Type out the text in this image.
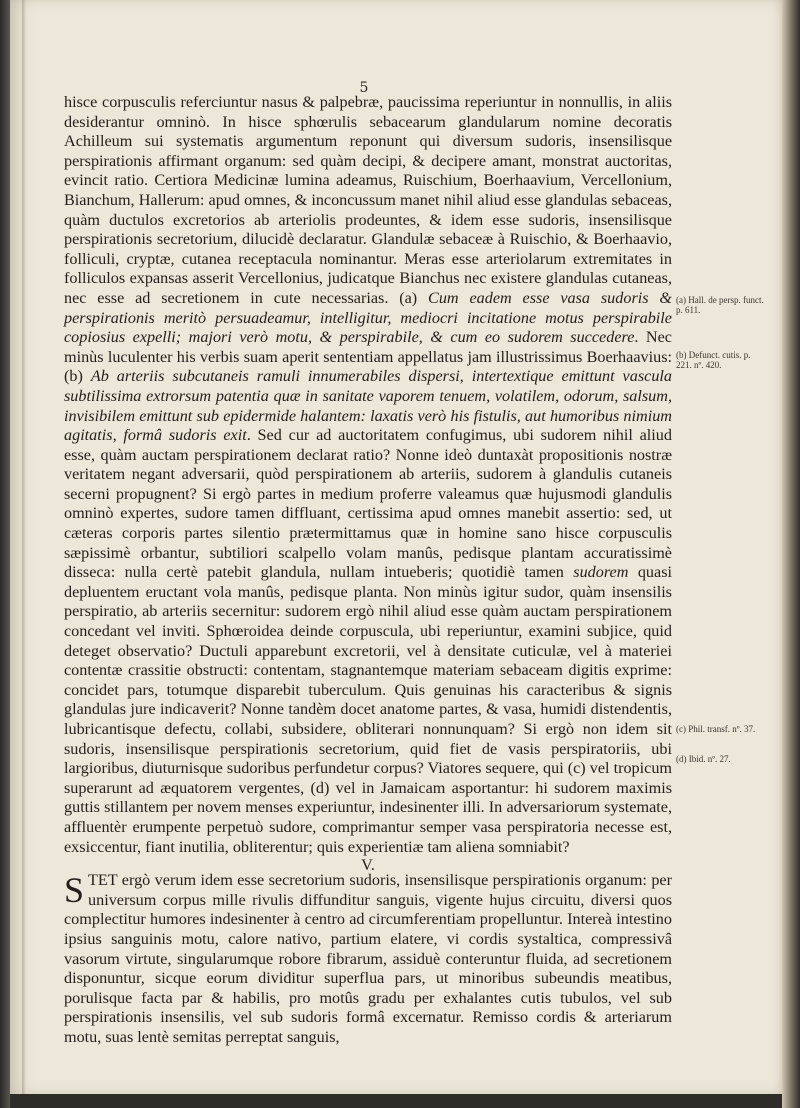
5

hisce corpusculis referciuntur nasus & palpebræ, paucissima reperiuntur in nonnullis, in aliis desiderantur omninò. In hisce sphœrulis sebacearum glandularum nomine decoratis Achilleum sui systematis argumentum reponunt qui diversum sudoris, insensilisque perspirationis affirmant organum: sed quàm decipi, & decipere amant, monstrat auctoritas, evincit ratio. Certiora Medicinæ lumina adeamus, Ruischium, Boerhaavium, Vercellonium, Bianchum, Hallerum: apud omnes, & inconcussum manet nihil aliud esse glandulas sebaceas, quàm ductulos excretorios ab arteriolis prodeuntes, & idem esse sudoris, insensilisque perspirationis secretorium, dilucidè declaratur. Glandulæ sebaceæ à Ruischio, & Boerhaavio, folliculi, cryptæ, cutanea receptacula nominantur. Meras esse arteriolarum extremitates in folliculos expansas asserit Vercellonius, judicatque Bianchus nec existere glandulas cutaneas, nec esse ad secretionem in cute necessarias. (a) Cum eadem esse vasa sudoris & perspirationis meritò persuadeamur, intelligitur, mediocri incitatione motus perspirabile copiosius expelli; majori verò motu, & perspirabile, & cum eo sudorem succedere. Nec minùs luculenter his verbis suam aperit sententiam appellatus jam illustrissimus Boerhaavius: (b) Ab arteriis subcutaneis ramuli innumerabiles dispersi, intertextique emittunt vascula subtilissima extrorsum patentia quæ in sanitate vaporem tenuem, volatilem, odorum, salsum, invisibilem emittunt sub epidermide halantem: laxatis verò his fistulis, aut humoribus nimium agitatis, formâ sudoris exit. Sed cur ad auctoritatem confugimus, ubi sudorem nihil aliud esse, quàm auctam perspirationem declarat ratio? Nonne ideò duntaxàt propositionis nostræ veritatem negant adversarii, quòd perspirationem ab arteriis, sudorem à glandulis cutaneis secerni propugnent? Si ergò partes in medium proferre valeamus quæ hujusmodi glandulis omninò expertes, sudore tamen diffluant, certissima apud omnes manebit assertio: sed, ut cæteras corporis partes silentio prætermittamus quæ in homine sano hisce corpusculis sæpissimè orbantur, subtiliori scalpello volam manûs, pedisque plantam accuratissimè disseca: nulla certè patebit glandula, nullam intueberis; quotidiè tamen sudorem quasi depluentem eructant vola manûs, pedisque planta. Non minùs igitur sudor, quàm insensilis perspiratio, ab arteriis secernitur: sudorem ergò nihil aliud esse quàm auctam perspirationem concedant vel inviti. Sphœroidea deinde corpuscula, ubi reperiuntur, examini subjice, quid deteget observatio? Ductuli apparebunt excretorii, vel à densitate cuticulæ, vel à materiei contentæ crassitie obstructi: contentam, stagnantemque materiam sebaceam digitis exprime: concidet pars, totumque disparebit tuberculum. Quis genuinas his caracteribus & signis glandulas jure indicaverit? Nonne tandèm docet anatome partes, & vasa, humidi distendentis, lubricantisque defectu, collabi, subsidere, obliterari nonnunquam? Si ergò non idem sit sudoris, insensilisque perspirationis secretorium, quid fiet de vasis perspiratoriis, ubi largioribus, diuturnisque sudoribus perfundetur corpus? Viatores sequere, qui (c) vel tropicum superarunt ad æquatorem vergentes, (d) vel in Jamaicam asportantur: hi sudorem maximis guttis stillantem per novem menses experiuntur, indesinenter illi. In adversariorum systemate, affluentèr erumpente perpetuò sudore, comprimantur semper vasa perspiratoria necesse est, exsiccentur, fiant inutilia, obliterentur; quis experientiæ tam aliena somniabit?

V.

STET ergò verum idem esse secretorium sudoris, insensilisque perspirationis organum: per universum corpus mille rivulis diffunditur sanguis, vigente hujus circuitu, diversi quos complectitur humores indesinenter à centro ad circumferentiam propelluntur. Intereà intestino ipsius sanguinis motu, calore nativo, partium elatere, vi cordis systaltica, compressivâ vasorum virtute, singularumque robore fibrarum, assiduè conteruntur fluida, ad secretionem disponuntur, sicque eorum dividitur superflua pars, ut minoribus subeundis meatibus, porulisque facta par & habilis, pro motûs gradu per exhalantes cutis tubulos, vel sub perspirationis insensilis, vel sub sudoris formâ excernatur. Remisso cordis & arteriarum motu, suas lentè semitas perreptat sanguis,

(a) Hall. de persp. funct. p. 611.
(b) Defunct. cutis. p. 221. nº. 420.
(c) Phil. transf. nº. 37.
(d) Ibid. nº. 27.
